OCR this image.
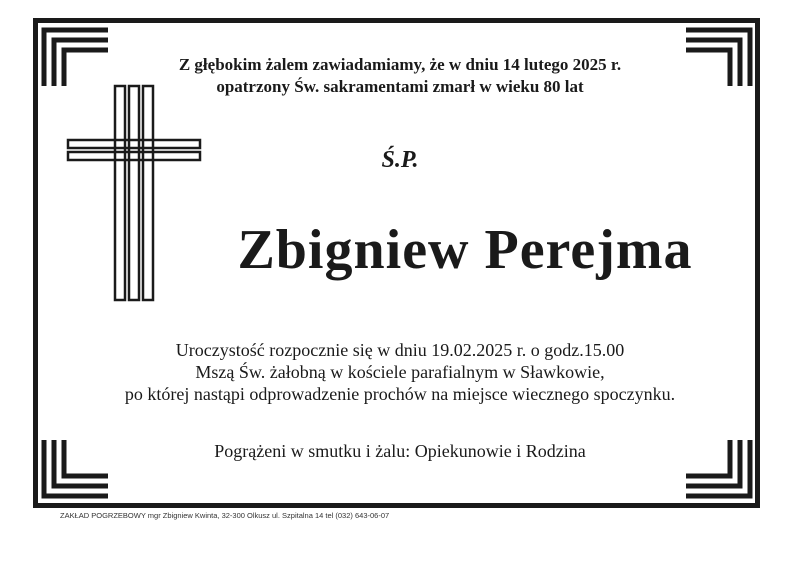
Z głębokim żalem zawiadamiamy, że w dniu 14 lutego 2025 r.
opatrzony Św. sakramentami zmarł w wieku 80 lat
Ś.P.
Zbigniew Perejma
Uroczystość rozpocznie się w dniu 19.02.2025 r. o godz.15.00
Mszą Św. żałobną w kościele parafialnym w Sławkowie,
po której nastąpi odprowadzenie prochów na miejsce wiecznego spoczynku.
Pogrążeni w smutku i żalu: Opiekunowie i Rodzina
ZAKŁAD POGRZEBOWY mgr Zbigniew Kwinta, 32-300 Olkusz ul. Szpitalna 14 tel (032) 643-06-07
